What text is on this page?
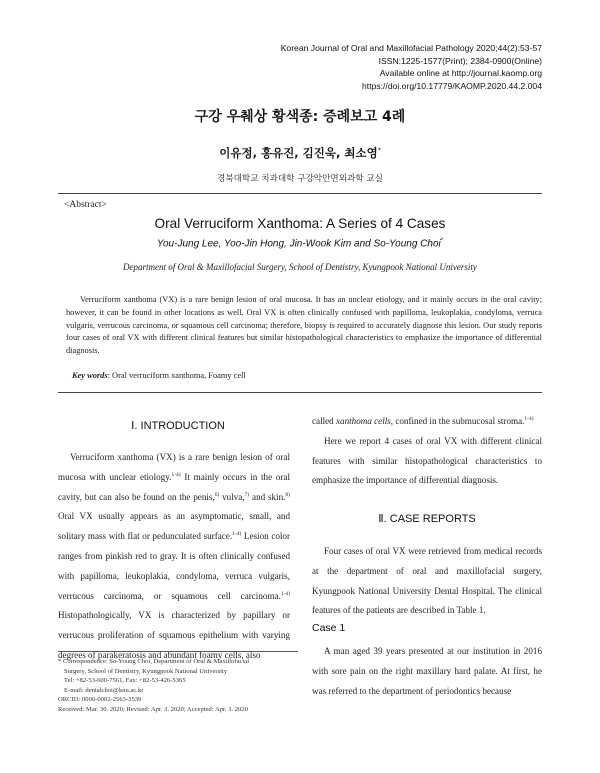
Korean Journal of Oral and Maxillofacial Pathology 2020;44(2):53-57
ISSN:1225-1577(Print); 2384-0900(Online)
Available online at http://journal.kaomp.org
https://doi.org/10.17779/KAOMP.2020.44.2.004
구강 우췌상 황색종: 증례보고 4례
이유정, 홍유진, 김진욱, 최소영*
경북대학교 치과대학 구강악안면외과학 교실
<Abstract>
Oral Verruciform Xanthoma: A Series of 4 Cases
You-Jung Lee, Yoo-Jin Hong, Jin-Wook Kim and So-Young Choi*
Department of Oral & Maxillofacial Surgery, School of Dentistry, Kyungpook National University
Verruciform xanthoma (VX) is a rare benign lesion of oral mucosa. It has an unclear etiology, and it mainly occurs in the oral cavity; however, it can be found in other locations as well. Oral VX is often clinically confused with papilloma, leukoplakia, condyloma, verruca vulgaris, verrucous carcinoma, or squamous cell carcinoma; therefore, biopsy is required to accurately diagnose this lesion. Our study reports four cases of oral VX with different clinical features but similar histopathological characteristics to emphasize the importance of differential diagnosis.
Key words: Oral verruciform xanthoma, Foamy cell
Ⅰ. INTRODUCTION

Verruciform xanthoma (VX) is a rare benign lesion of oral mucosa with unclear etiology.$^{1-4)}$ It mainly occurs in the oral cavity, but can also be found on the penis,$^{6)}$ vulva,$^{7)}$ and skin.$^{8)}$ Oral VX usually appears as an asymptomatic, small, and solitary mass with flat or pedunculated surface.$^{1-4)}$ Lesion color ranges from pinkish red to gray. It is often clinically confused with papilloma, leukoplakia, condyloma, verruca vulgaris, verrucous carcinoma, or squamous cell carcinoma.$^{1-4)}$ Histopathologically, VX is characterized by papillary or verrucous proliferation of squamous epithelium with varying degrees of parakeratosis and abundant foamy cells, also

called xanthoma cells, confined in the submucosal stroma.$^{1-4)}$

Here we report 4 cases of oral VX with different clinical features with similar histopathological characteristics to emphasize the importance of differential diagnosis.

Ⅱ. CASE REPORTS

Four cases of oral VX were retrieved from medical records at the department of oral and maxillofacial surgery, Kyungpook National University Dental Hospital. The clinical features of the patients are described in Table 1.

Case 1

A man aged 39 years presented at our institution in 2016 with sore pain on the right maxillary hard palate. At first, he was referred to the department of periodontics because

* Correspondence: So-Young Choi, Department of Oral & Maxillofacial
Surgery, School of Dentistry, Kyungpook National University
Tel: +82-53-600-7561, Fax: +82-53-426-5365
E-mail: dentalchoi@knu.ac.kr
ORCID: 0000-0002-2563-3539
Received: Mar. 30. 2020; Revised: Apr. 3. 2020; Accepted: Apr. 3. 2020
